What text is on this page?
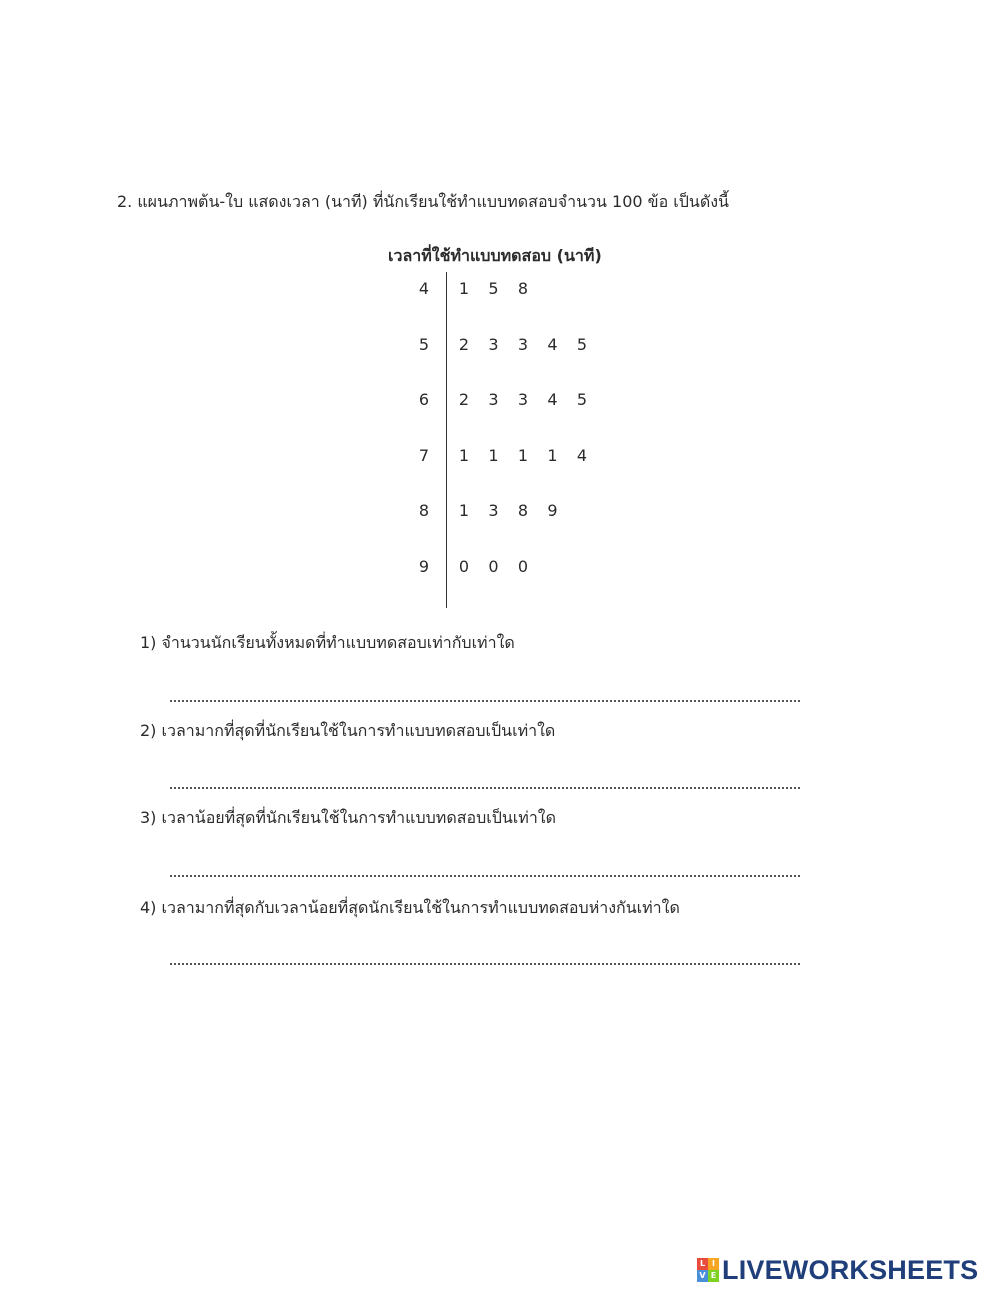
2. แผนภาพต้น-ใบ แสดงเวลา (นาที) ที่นักเรียนใช้ทำแบบทดสอบจำนวน 100 ข้อ เป็นดังนี้
เวลาที่ใช้ทำแบบทดสอบ (นาที)
4 1 5 8
5 2 3 3 4 5
6 2 3 3 4 5
7 1 1 1 1 4
8 1 3 8 9
9 0 0 0
1) จำนวนนักเรียนทั้งหมดที่ทำแบบทดสอบเท่ากับเท่าใด
2) เวลามากที่สุดที่นักเรียนใช้ในการทำแบบทดสอบเป็นเท่าใด
3) เวลาน้อยที่สุดที่นักเรียนใช้ในการทำแบบทดสอบเป็นเท่าใด
4) เวลามากที่สุดกับเวลาน้อยที่สุดนักเรียนใช้ในการทำแบบทดสอบห่างกันเท่าใด
L I
V E LIVEWORKSHEETS
